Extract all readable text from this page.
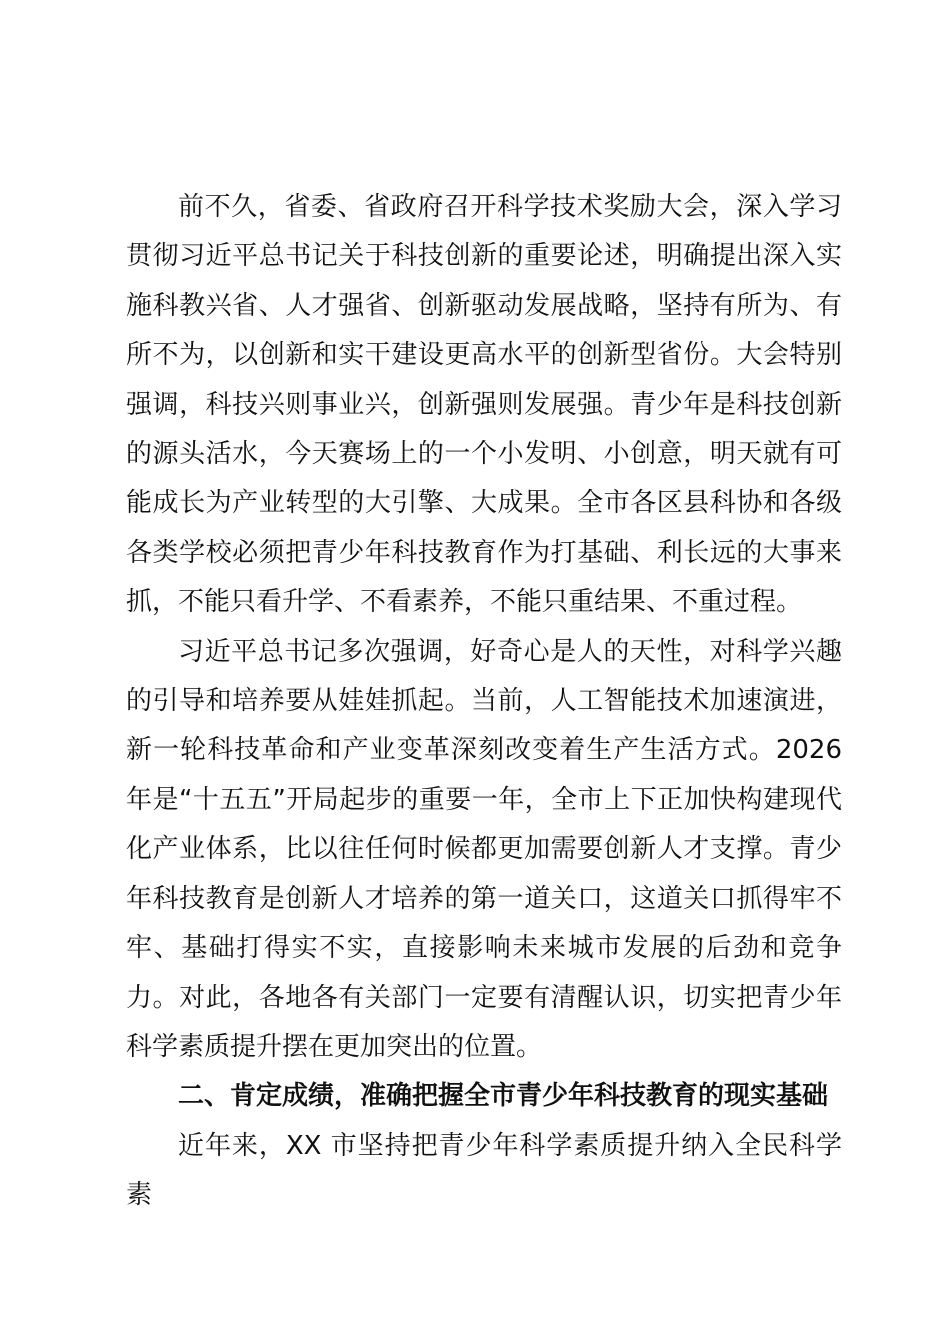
前不久，省委、省政府召开科学技术奖励大会，深入学习贯彻习近平总书记关于科技创新的重要论述，明确提出深入实施科教兴省、人才强省、创新驱动发展战略，坚持有所为、有所不为，以创新和实干建设更高水平的创新型省份。大会特别强调，科技兴则事业兴，创新强则发展强。青少年是科技创新的源头活水，今天赛场上的一个小发明、小创意，明天就有可能成长为产业转型的大引擎、大成果。全市各区县科协和各级各类学校必须把青少年科技教育作为打基础、利长远的大事来抓，不能只看升学、不看素养，不能只重结果、不重过程。

习近平总书记多次强调，好奇心是人的天性，对科学兴趣的引导和培养要从娃娃抓起。当前，人工智能技术加速演进，新一轮科技革命和产业变革深刻改变着生产生活方式。2026年是“十五五”开局起步的重要一年，全市上下正加快构建现代化产业体系，比以往任何时候都更加需要创新人才支撑。青少年科技教育是创新人才培养的第一道关口，这道关口抓得牢不牢、基础打得实不实，直接影响未来城市发展的后劲和竞争力。对此，各地各有关部门一定要有清醒认识，切实把青少年科学素质提升摆在更加突出的位置。

二、肯定成绩，准确把握全市青少年科技教育的现实基础

近年来，XX 市坚持把青少年科学素质提升纳入全民科学素
